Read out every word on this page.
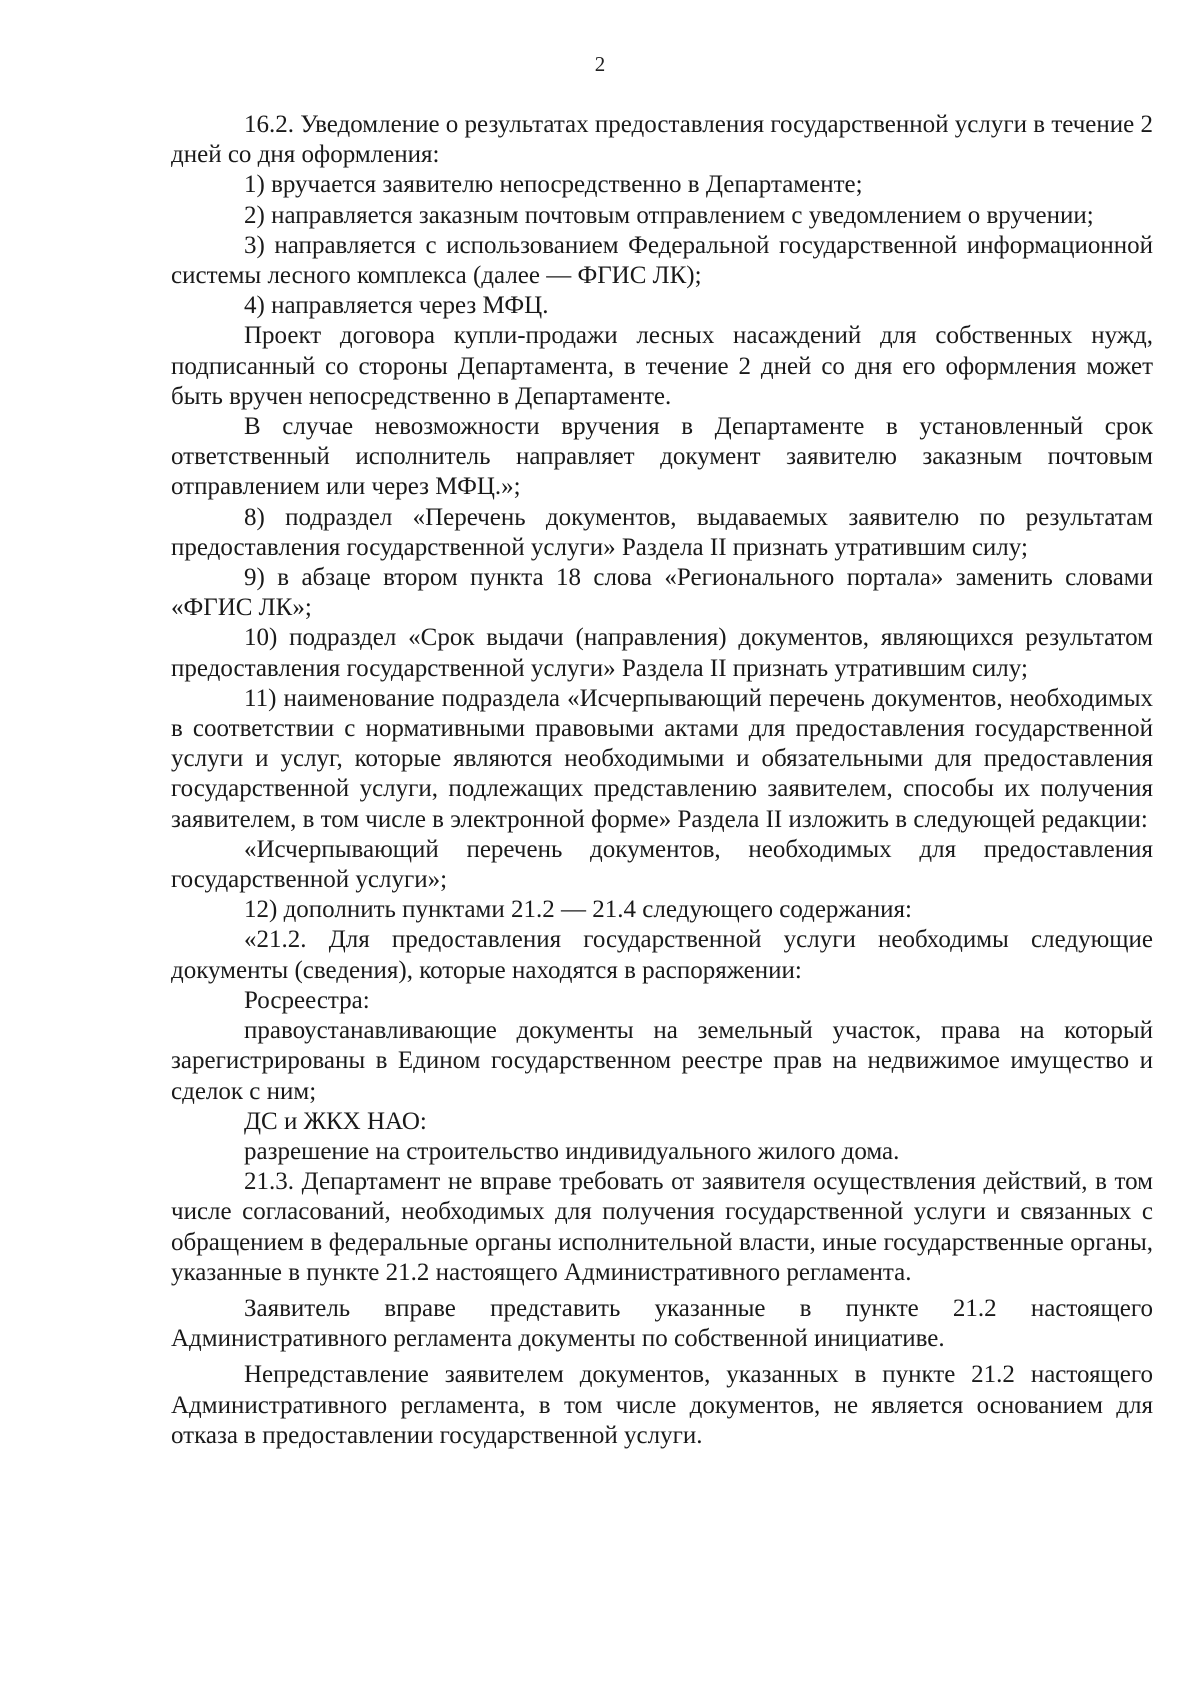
2

16.2. Уведомление о результатах предоставления государственной услуги в течение 2 дней со дня оформления:

1) вручается заявителю непосредственно в Департаменте;

2) направляется заказным почтовым отправлением с уведомлением о вручении;

3) направляется с использованием Федеральной государственной информационной системы лесного комплекса (далее — ФГИС ЛК);

4) направляется через МФЦ.

Проект договора купли-продажи лесных насаждений для собственных нужд, подписанный со стороны Департамента, в течение 2 дней со дня его оформления может быть вручен непосредственно в Департаменте.

В случае невозможности вручения в Департаменте в установленный срок ответственный исполнитель направляет документ заявителю заказным почтовым отправлением или через МФЦ.»;

8) подраздел «Перечень документов, выдаваемых заявителю по результатам предоставления государственной услуги» Раздела II признать утратившим силу;

9) в абзаце втором пункта 18 слова «Регионального портала» заменить словами «ФГИС ЛК»;

10) подраздел «Срок выдачи (направления) документов, являющихся результатом предоставления государственной услуги» Раздела II признать утратившим силу;

11) наименование подраздела «Исчерпывающий перечень документов, необходимых в соответствии с нормативными правовыми актами для предоставления государственной услуги и услуг, которые являются необходимыми и обязательными для предоставления государственной услуги, подлежащих представлению заявителем, способы их получения заявителем, в том числе в электронной форме» Раздела II изложить в следующей редакции:

«Исчерпывающий перечень документов, необходимых для предоставления государственной услуги»;

12) дополнить пунктами 21.2 — 21.4 следующего содержания:

«21.2. Для предоставления государственной услуги необходимы следующие документы (сведения), которые находятся в распоряжении:

Росреестра:

правоустанавливающие документы на земельный участок, права на который зарегистрированы в Едином государственном реестре прав на недвижимое имущество и сделок с ним;

ДС и ЖКХ НАО:

разрешение на строительство индивидуального жилого дома.

21.3. Департамент не вправе требовать от заявителя осуществления действий, в том числе согласований, необходимых для получения государственной услуги и связанных с обращением в федеральные органы исполнительной власти, иные государственные органы, указанные в пункте 21.2 настоящего Административного регламента.

Заявитель вправе представить указанные в пункте 21.2 настоящего Административного регламента документы по собственной инициативе.

Непредставление заявителем документов, указанных в пункте 21.2 настоящего Административного регламента, в том числе документов, не является основанием для отказа в предоставлении государственной услуги.
